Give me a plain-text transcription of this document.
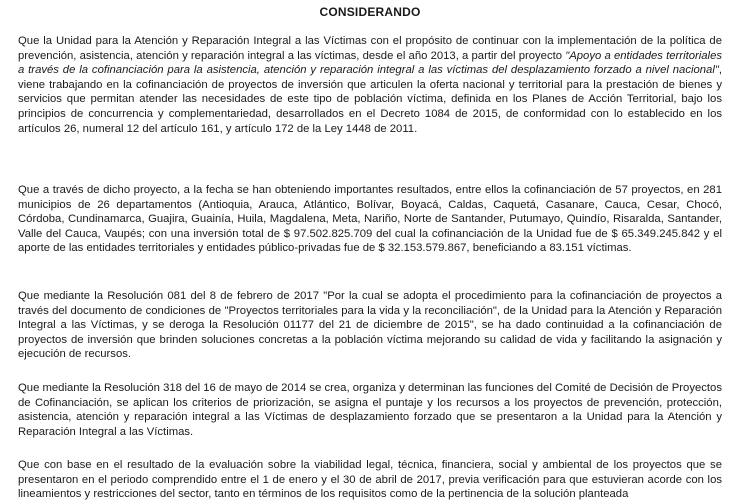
CONSIDERANDO

Que la Unidad para la Atención y Reparación Integral a las Víctimas con el propósito de continuar con la implementación de la política de prevención, asistencia, atención y reparación integral a las víctimas, desde el año 2013, a partir del proyecto "Apoyo a entidades territoriales a través de la cofinanciación para la asistencia, atención y reparación integral a las víctimas del desplazamiento forzado a nivel nacional", viene trabajando en la cofinanciación de proyectos de inversión que articulen la oferta nacional y territorial para la prestación de bienes y servicios que permitan atender las necesidades de este tipo de población víctima, definida en los Planes de Acción Territorial, bajo los principios de concurrencia y complementariedad, desarrollados en el Decreto 1084 de 2015, de conformidad con lo establecido en los artículos 26, numeral 12 del artículo 161, y artículo 172 de la Ley 1448 de 2011.

Que a través de dicho proyecto, a la fecha se han obteniendo importantes resultados, entre ellos la cofinanciación de 57 proyectos, en 281 municipios de 26 departamentos (Antioquia, Arauca, Atlántico, Bolívar, Boyacá, Caldas, Caquetá, Casanare, Cauca, Cesar, Chocó, Córdoba, Cundinamarca, Guajira, Guainía, Huila, Magdalena, Meta, Nariño, Norte de Santander, Putumayo, Quindío, Risaralda, Santander, Valle del Cauca, Vaupés; con una inversión total de $ 97.502.825.709 del cual la cofinanciación de la Unidad fue de $ 65.349.245.842 y el aporte de las entidades territoriales y entidades público-privadas fue de $ 32.153.579.867, beneficiando a 83.151 víctimas.

Que mediante la Resolución 081 del 8 de febrero de 2017 "Por la cual se adopta el procedimiento para la cofinanciación de proyectos a través del documento de condiciones de "Proyectos territoriales para la vida y la reconciliación", de la Unidad para la Atención y Reparación Integral a las Víctimas, y se deroga la Resolución 01177 del 21 de diciembre de 2015", se ha dado continuidad a la cofinanciación de proyectos de inversión que brinden soluciones concretas a la población víctima mejorando su calidad de vida y facilitando la asignación y ejecución de recursos.

Que mediante la Resolución 318 del 16 de mayo de 2014 se crea, organiza y determinan las funciones del Comité de Decisión de Proyectos de Cofinanciación, se aplican los criterios de priorización, se asigna el puntaje y los recursos a los proyectos de prevención, protección, asistencia, atención y reparación integral a las Víctimas de desplazamiento forzado que se presentaron a la Unidad para la Atención y Reparación Integral a las Víctimas.

Que con base en el resultado de la evaluación sobre la viabilidad legal, técnica, financiera, social y ambiental de los proyectos que se presentaron en el periodo comprendido entre el 1 de enero y el 30 de abril de 2017, previa verificación para que estuvieran acorde con los lineamientos y restricciones del sector, tanto en términos de los requisitos como de la pertinencia de la solución planteada
